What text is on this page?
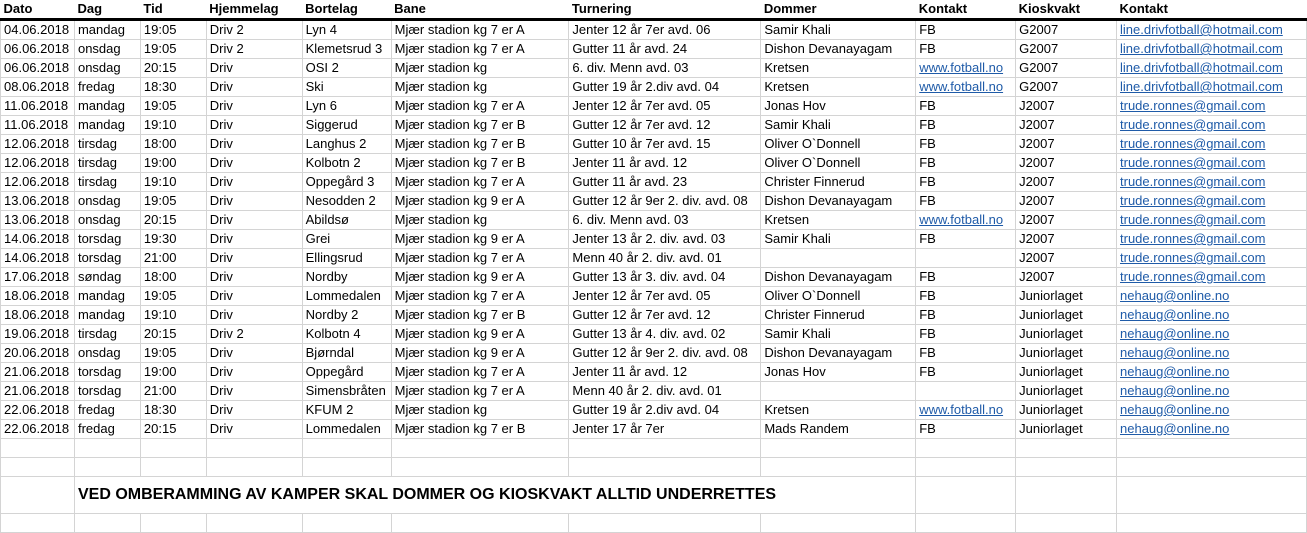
Dato	Dag	Tid	Hjemmelag	Bortelag	Bane	Turnering	Dommer	Kontakt	Kioskvakt	Kontakt
04.06.2018	mandag	19:05	Driv 2	Lyn 4	Mjær stadion kg 7 er A	Jenter 12 år 7er avd. 06	Samir Khali	FB	G2007	line.drivfotball@hotmail.com
06.06.2018	onsdag	19:05	Driv 2	Klemetsrud 3	Mjær stadion kg 7 er A	Gutter 11 år avd. 24	Dishon Devanayagam	FB	G2007	line.drivfotball@hotmail.com
06.06.2018	onsdag	20:15	Driv	OSI 2	Mjær stadion kg	6. div. Menn avd. 03	Kretsen	www.fotball.no	G2007	line.drivfotball@hotmail.com
08.06.2018	fredag	18:30	Driv	Ski	Mjær stadion kg	Gutter 19 år 2.div avd. 04	Kretsen	www.fotball.no	G2007	line.drivfotball@hotmail.com
11.06.2018	mandag	19:05	Driv	Lyn 6	Mjær stadion kg 7 er A	Jenter 12 år 7er avd. 05	Jonas Hov	FB	J2007	trude.ronnes@gmail.com
11.06.2018	mandag	19:10	Driv	Siggerud	Mjær stadion kg 7 er B	Gutter 12 år 7er avd. 12	Samir Khali	FB	J2007	trude.ronnes@gmail.com
12.06.2018	tirsdag	18:00	Driv	Langhus 2	Mjær stadion kg 7 er B	Gutter 10 år 7er avd. 15	Oliver O`Donnell	FB	J2007	trude.ronnes@gmail.com
12.06.2018	tirsdag	19:00	Driv	Kolbotn 2	Mjær stadion kg 7 er B	Jenter 11 år avd. 12	Oliver O`Donnell	FB	J2007	trude.ronnes@gmail.com
12.06.2018	tirsdag	19:10	Driv	Oppegård 3	Mjær stadion kg 7 er A	Gutter 11 år avd. 23	Christer Finnerud	FB	J2007	trude.ronnes@gmail.com
13.06.2018	onsdag	19:05	Driv	Nesodden 2	Mjær stadion kg 9 er A	Gutter 12 år 9er 2. div. avd. 08	Dishon Devanayagam	FB	J2007	trude.ronnes@gmail.com
13.06.2018	onsdag	20:15	Driv	Abildsø	Mjær stadion kg	6. div. Menn avd. 03	Kretsen	www.fotball.no	J2007	trude.ronnes@gmail.com
14.06.2018	torsdag	19:30	Driv	Grei	Mjær stadion kg 9 er A	Jenter 13 år 2. div. avd. 03	Samir Khali	FB	J2007	trude.ronnes@gmail.com
14.06.2018	torsdag	21:00	Driv	Ellingsrud	Mjær stadion kg 7 er A	Menn 40 år 2. div. avd. 01			J2007	trude.ronnes@gmail.com
17.06.2018	søndag	18:00	Driv	Nordby	Mjær stadion kg 9 er A	Gutter 13 år 3. div. avd. 04	Dishon Devanayagam	FB	J2007	trude.ronnes@gmail.com
18.06.2018	mandag	19:05	Driv	Lommedalen	Mjær stadion kg 7 er A	Jenter 12 år 7er avd. 05	Oliver O`Donnell	FB	Juniorlaget	nehaug@online.no
18.06.2018	mandag	19:10	Driv	Nordby 2	Mjær stadion kg 7 er B	Gutter 12 år 7er avd. 12	Christer Finnerud	FB	Juniorlaget	nehaug@online.no
19.06.2018	tirsdag	20:15	Driv 2	Kolbotn 4	Mjær stadion kg 9 er A	Gutter 13 år 4. div. avd. 02	Samir Khali	FB	Juniorlaget	nehaug@online.no
20.06.2018	onsdag	19:05	Driv	Bjørndal	Mjær stadion kg 9 er A	Gutter 12 år 9er 2. div. avd. 08	Dishon Devanayagam	FB	Juniorlaget	nehaug@online.no
21.06.2018	torsdag	19:00	Driv	Oppegård	Mjær stadion kg 7 er A	Jenter 11 år avd. 12	Jonas Hov	FB	Juniorlaget	nehaug@online.no
21.06.2018	torsdag	21:00	Driv	Simensbråten	Mjær stadion kg 7 er A	Menn 40 år 2. div. avd. 01			Juniorlaget	nehaug@online.no
22.06.2018	fredag	18:30	Driv	KFUM 2	Mjær stadion kg	Gutter 19 år 2.div avd. 04	Kretsen	www.fotball.no	Juniorlaget	nehaug@online.no
22.06.2018	fredag	20:15	Driv	Lommedalen	Mjær stadion kg 7 er B	Jenter 17 år 7er	Mads Randem	FB	Juniorlaget	nehaug@online.no

	VED OMBERAMMING AV KAMPER SKAL DOMMER OG KIOSKVAKT ALLTID UNDERRETTES									
